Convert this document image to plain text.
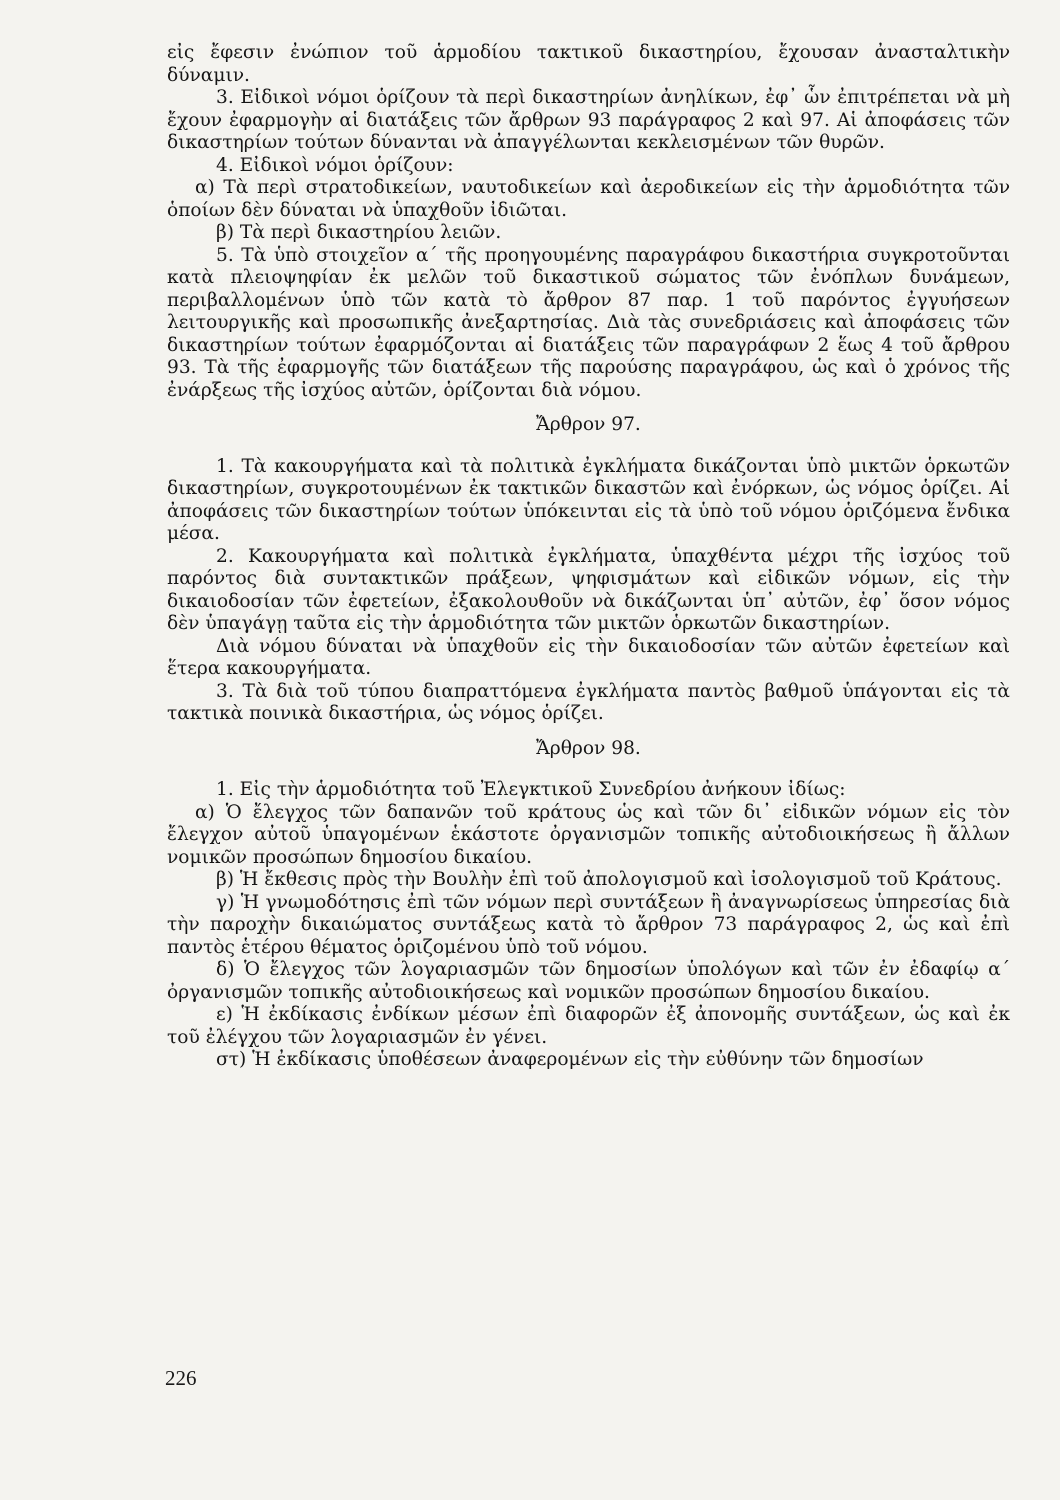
εἰς ἔφεσιν ἐνώπιον τοῦ ἁρμοδίου τακτικοῦ δικαστηρίου, ἔχουσαν ἀνασταλτικὴν δύναμιν.

3. Εἰδικοὶ νόμοι ὁρίζουν τὰ περὶ δικαστηρίων ἀνηλίκων, ἐφ᾽ ὧν ἐπιτρέπεται νὰ μὴ ἔχουν ἐφαρμογὴν αἱ διατάξεις τῶν ἄρθρων 93 παράγραφος 2 καὶ 97. Αἱ ἀποφάσεις τῶν δικαστηρίων τούτων δύνανται νὰ ἀπαγγέλωνται κεκλεισμένων τῶν θυρῶν.

4. Εἰδικοὶ νόμοι ὁρίζουν:

α) Τὰ περὶ στρατοδικείων, ναυτοδικείων καὶ ἀεροδικείων εἰς τὴν ἁρμοδιότητα τῶν ὁποίων δὲν δύναται νὰ ὑπαχθοῦν ἰδιῶται.

β) Τὰ περὶ δικαστηρίου λειῶν.

5. Τὰ ὑπὸ στοιχεῖον α΄ τῆς προηγουμένης παραγράφου δικαστήρια συγκροτοῦνται κατὰ πλειοψηφίαν ἐκ μελῶν τοῦ δικαστικοῦ σώματος τῶν ἐνόπλων δυνάμεων, περιβαλλομένων ὑπὸ τῶν κατὰ τὸ ἄρθρον 87 παρ. 1 τοῦ παρόντος ἐγγυήσεων λειτουργικῆς καὶ προσωπικῆς ἀνεξαρτησίας. Διὰ τὰς συνεδριάσεις καὶ ἀποφάσεις τῶν δικαστηρίων τούτων ἐφαρμόζονται αἱ διατάξεις τῶν παραγράφων 2 ἕως 4 τοῦ ἄρθρου 93. Τὰ τῆς ἐφαρμογῆς τῶν διατάξεων τῆς παρούσης παραγράφου, ὡς καὶ ὁ χρόνος τῆς ἐνάρξεως τῆς ἰσχύος αὐτῶν, ὁρίζονται διὰ νόμου.

Ἄρθρον 97.

1. Τὰ κακουργήματα καὶ τὰ πολιτικὰ ἐγκλήματα δικάζονται ὑπὸ μικτῶν ὁρκωτῶν δικαστηρίων, συγκροτουμένων ἐκ τακτικῶν δικαστῶν καὶ ἐνόρκων, ὡς νόμος ὁρίζει. Αἱ ἀποφάσεις τῶν δικαστηρίων τούτων ὑπόκεινται εἰς τὰ ὑπὸ τοῦ νόμου ὁριζόμενα ἔνδικα μέσα.

2. Κακουργήματα καὶ πολιτικὰ ἐγκλήματα, ὑπαχθέντα μέχρι τῆς ἰσχύος τοῦ παρόντος διὰ συντακτικῶν πράξεων, ψηφισμάτων καὶ εἰδικῶν νόμων, εἰς τὴν δικαιοδοσίαν τῶν ἐφετείων, ἐξακολουθοῦν νὰ δικάζωνται ὑπ᾽ αὐτῶν, ἐφ᾽ ὅσον νόμος δὲν ὑπαγάγῃ ταῦτα εἰς τὴν ἁρμοδιότητα τῶν μικτῶν ὁρκωτῶν δικαστηρίων.

Διὰ νόμου δύναται νὰ ὑπαχθοῦν εἰς τὴν δικαιοδοσίαν τῶν αὐτῶν ἐφετείων καὶ ἕτερα κακουργήματα.

3. Τὰ διὰ τοῦ τύπου διαπραττόμενα ἐγκλήματα παντὸς βαθμοῦ ὑπάγονται εἰς τὰ τακτικὰ ποινικὰ δικαστήρια, ὡς νόμος ὁρίζει.

Ἄρθρον 98.

1. Εἰς τὴν ἁρμοδιότητα τοῦ Ἐλεγκτικοῦ Συνεδρίου ἀνήκουν ἰδίως:

α) Ὁ ἔλεγχος τῶν δαπανῶν τοῦ κράτους ὡς καὶ τῶν δι᾽ εἰδικῶν νόμων εἰς τὸν ἔλεγχον αὐτοῦ ὑπαγομένων ἑκάστοτε ὀργανισμῶν τοπικῆς αὐτοδιοικήσεως ἢ ἄλλων νομικῶν προσώπων δημοσίου δικαίου.

β) Ἡ ἔκθεσις πρὸς τὴν Βουλὴν ἐπὶ τοῦ ἀπολογισμοῦ καὶ ἰσολογισμοῦ τοῦ Κράτους.

γ) Ἡ γνωμοδότησις ἐπὶ τῶν νόμων περὶ συντάξεων ἢ ἀναγνωρίσεως ὑπηρεσίας διὰ τὴν παροχὴν δικαιώματος συντάξεως κατὰ τὸ ἄρθρον 73 παράγραφος 2, ὡς καὶ ἐπὶ παντὸς ἑτέρου θέματος ὁριζομένου ὑπὸ τοῦ νόμου.

δ) Ὁ ἔλεγχος τῶν λογαριασμῶν τῶν δημοσίων ὑπολόγων καὶ τῶν ἐν ἐδαφίῳ α΄ ὀργανισμῶν τοπικῆς αὐτοδιοικήσεως καὶ νομικῶν προσώπων δημοσίου δικαίου.

ε) Ἡ ἐκδίκασις ἐνδίκων μέσων ἐπὶ διαφορῶν ἐξ ἀπονομῆς συντάξεων, ὡς καὶ ἐκ τοῦ ἐλέγχου τῶν λογαριασμῶν ἐν γένει.

στ) Ἡ ἐκδίκασις ὑποθέσεων ἀναφερομένων εἰς τὴν εὐθύνην τῶν δημοσίων

226
